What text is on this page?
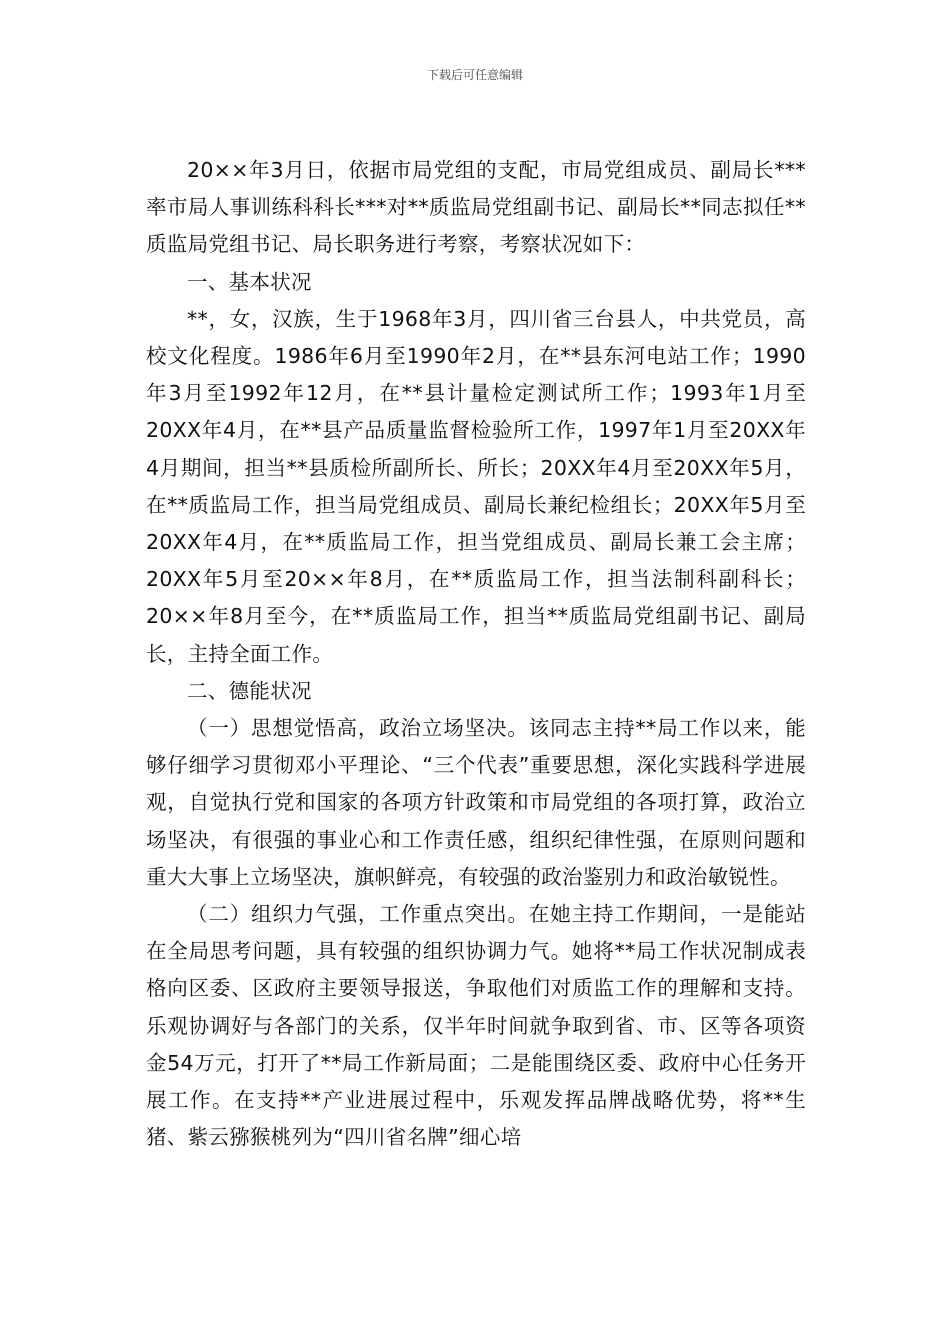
下载后可任意编辑

20××年3月日，依据市局党组的支配，市局党组成员、副局长***率市局人事训练科科长***对**质监局党组副书记、副局长**同志拟任**质监局党组书记、局长职务进行考察，考察状况如下：

一、基本状况

**，女，汉族，生于1968年3月，四川省三台县人，中共党员，高校文化程度。1986年6月至1990年2月，在**县东河电站工作；1990年3月至1992年12月，在**县计量检定测试所工作；1993年1月至20XX年4月，在**县产品质量监督检验所工作，1997年1月至20XX年4月期间，担当**县质检所副所长、所长；20XX年4月至20XX年5月，在**质监局工作，担当局党组成员、副局长兼纪检组长；20XX年5月至20XX年4月，在**质监局工作，担当党组成员、副局长兼工会主席；20XX年5月至20××年8月，在**质监局工作，担当法制科副科长；20××年8月至今，在**质监局工作，担当**质监局党组副书记、副局长，主持全面工作。

二、德能状况

（一）思想觉悟高，政治立场坚决。该同志主持**局工作以来，能够仔细学习贯彻邓小平理论、“三个代表”重要思想，深化实践科学进展观，自觉执行党和国家的各项方针政策和市局党组的各项打算，政治立场坚决，有很强的事业心和工作责任感，组织纪律性强，在原则问题和重大大事上立场坚决，旗帜鲜亮，有较强的政治鉴别力和政治敏锐性。

（二）组织力气强，工作重点突出。在她主持工作期间，一是能站在全局思考问题，具有较强的组织协调力气。她将**局工作状况制成表格向区委、区政府主要领导报送，争取他们对质监工作的理解和支持。乐观协调好与各部门的关系，仅半年时间就争取到省、市、区等各项资金54万元，打开了**局工作新局面；二是能围绕区委、政府中心任务开展工作。在支持**产业进展过程中，乐观发挥品牌战略优势，将**生猪、紫云猕猴桃列为“四川省名牌”细心培
